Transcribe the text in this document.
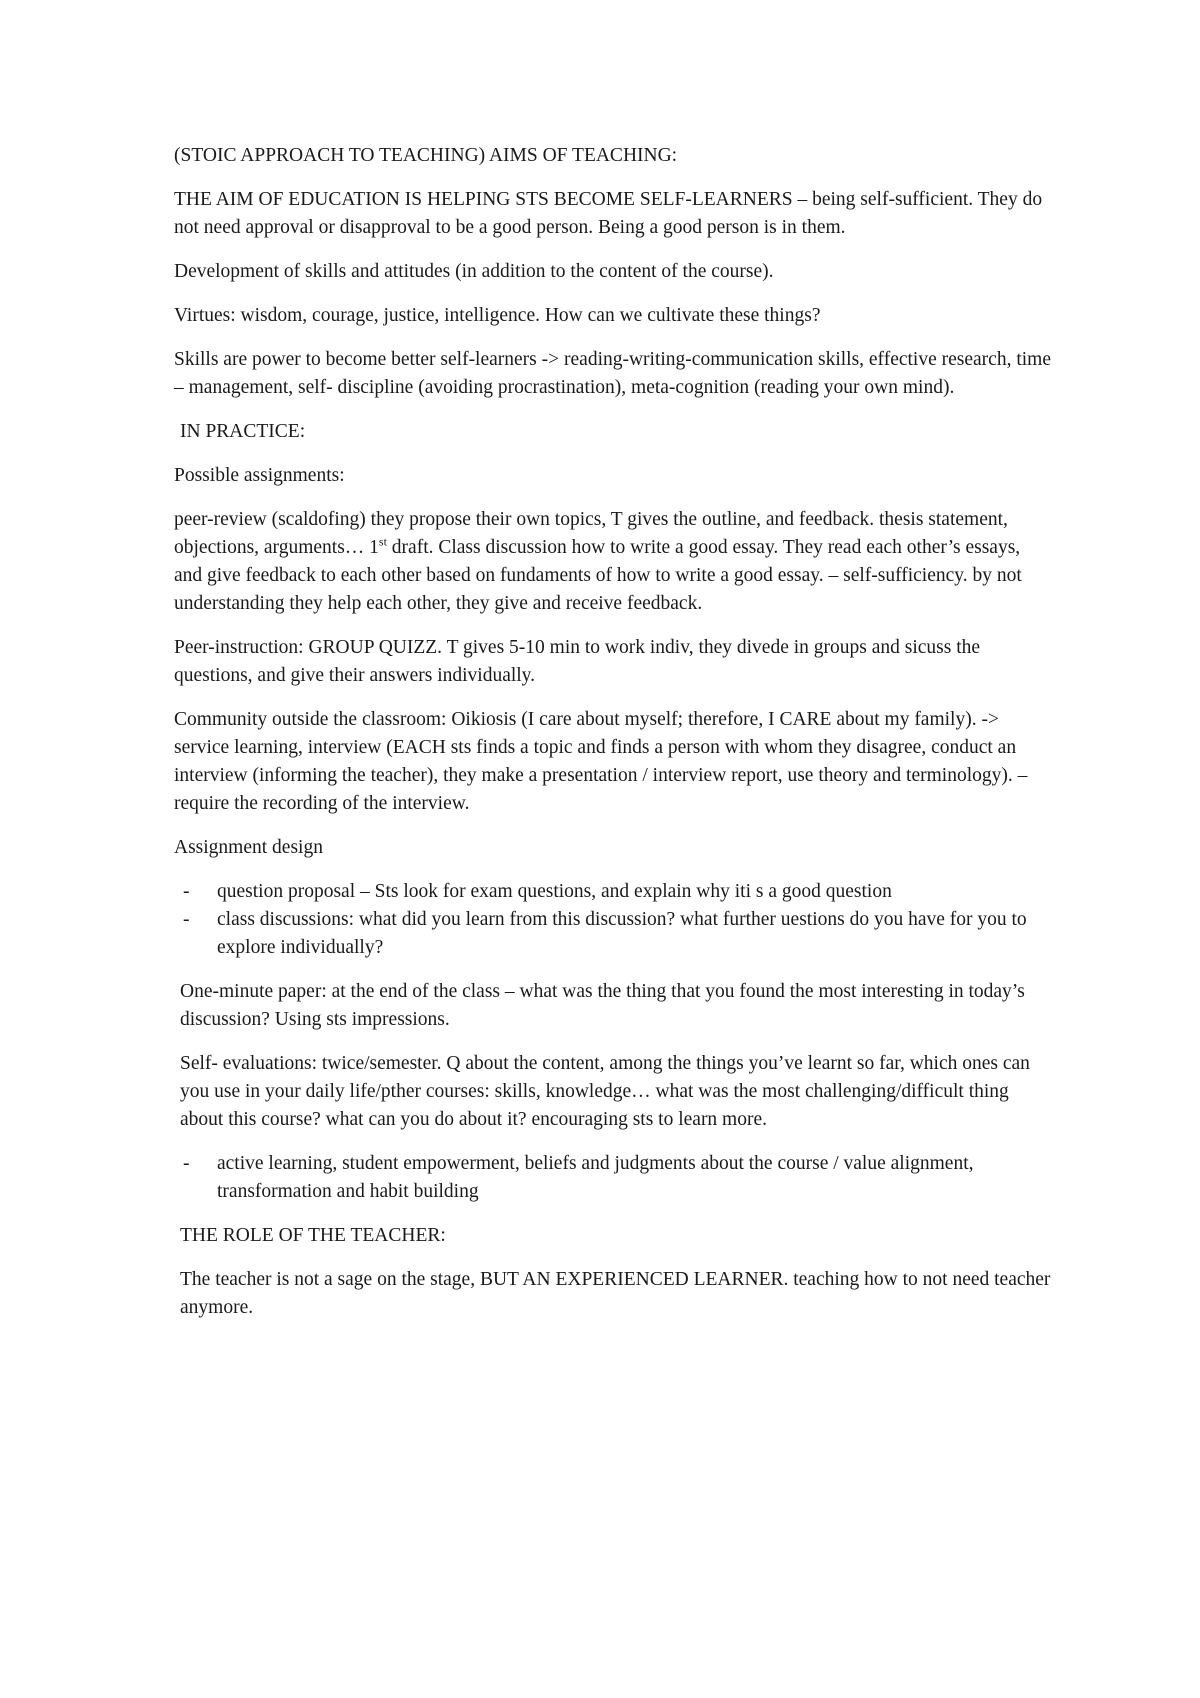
(STOIC APPROACH TO TEACHING) AIMS OF TEACHING:

THE AIM OF EDUCATION IS HELPING STS BECOME SELF-LEARNERS – being self-sufficient. They do not need approval or disapproval to be a good person. Being a good person is in them.

Development of skills and attitudes (in addition to the content of the course).

Virtues: wisdom, courage, justice, intelligence. How can we cultivate these things?

Skills are power to become better self-learners -> reading-writing-communication skills, effective research, time – management, self- discipline (avoiding procrastination), meta-cognition (reading your own mind).

IN PRACTICE:

Possible assignments:

peer-review (scaldofing) they propose their own topics, T gives the outline, and feedback. thesis statement, objections, arguments… 1st draft. Class discussion how to write a good essay. They read each other’s essays, and give feedback to each other based on fundaments of how to write a good essay. – self-sufficiency. by not understanding they help each other, they give and receive feedback.

Peer-instruction: GROUP QUIZZ. T gives 5-10 min to work indiv, they divede in groups and sicuss the questions, and give their answers individually.

Community outside the classroom: Oikiosis (I care about myself; therefore, I CARE about my family). -> service learning, interview (EACH sts finds a topic and finds a person with whom they disagree, conduct an interview (informing the teacher), they make a presentation / interview report, use theory and terminology). – require the recording of the interview.

Assignment design

- question proposal – Sts look for exam questions, and explain why iti s a good question
- class discussions: what did you learn from this discussion? what further uestions do you have for you to explore individually?

One-minute paper: at the end of the class – what was the thing that you found the most interesting in today’s discussion? Using sts impressions.

Self- evaluations: twice/semester. Q about the content, among the things you’ve learnt so far, which ones can you use in your daily life/pther courses: skills, knowledge… what was the most challenging/difficult thing about this course? what can you do about it? encouraging sts to learn more.

- active learning, student empowerment, beliefs and judgments about the course / value alignment, transformation and habit building

THE ROLE OF THE TEACHER:

The teacher is not a sage on the stage, BUT AN EXPERIENCED LEARNER. teaching how to not need teacher anymore.
